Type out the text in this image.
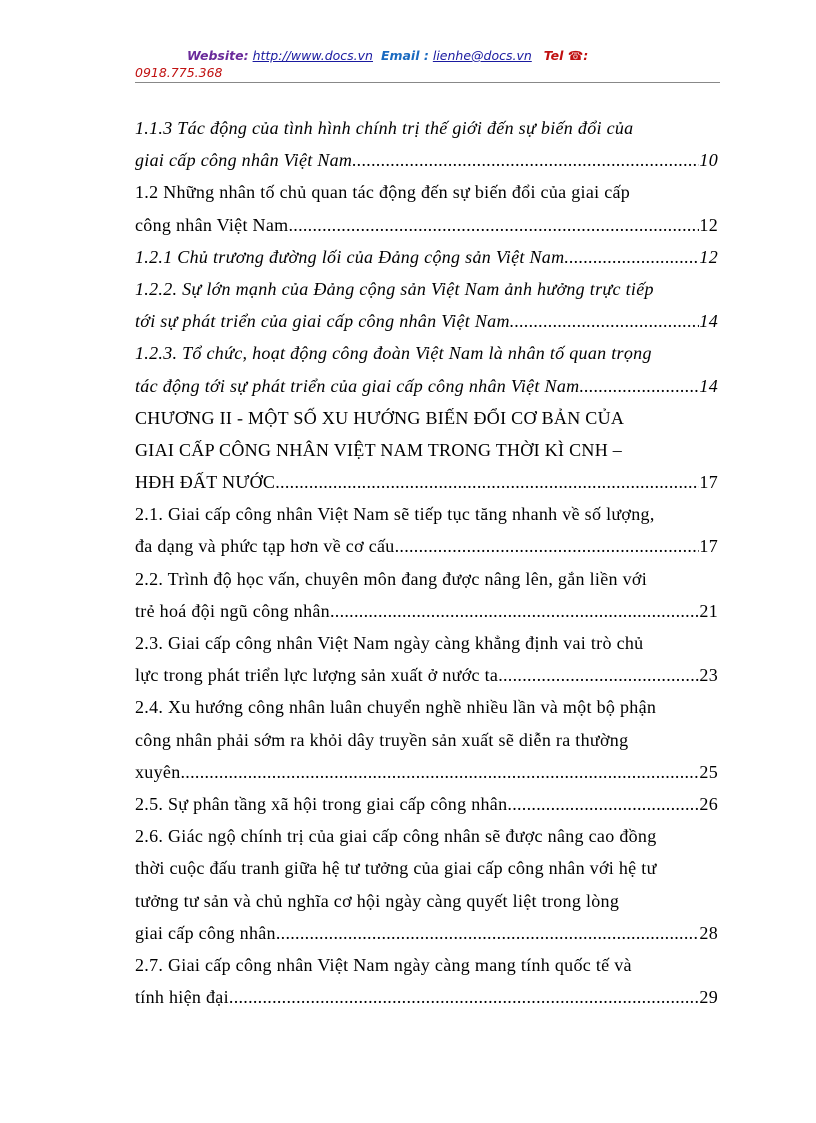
Website: http://www.docs.vn Email : lienhe@docs.vn Tel ☎:
0918.775.368
1.1.3 Tác động của tình hình chính trị thế giới đến sự biến đổi của
giai cấp công nhân Việt Nam .....	10
1.2 Những nhân tố chủ quan tác động đến sự biến đổi của giai cấp
công nhân Việt Nam. .....	12
1.2.1 Chủ trương đường lối của Đảng cộng sản Việt Nam .....	12
1.2.2. Sự lớn mạnh của Đảng cộng sản Việt Nam ảnh hưởng trực tiếp
tới sự phát triển của giai cấp công nhân Việt Nam. .....	14
1.2.3. Tổ chức, hoạt động công đoàn Việt Nam là nhân tố quan trọng
tác động tới sự phát triển của giai cấp công nhân Việt Nam. .....	14
CHƯƠNG II - MỘT SỐ XU HƯỚNG BIẾN ĐỔI CƠ BẢN CỦA
GIAI CẤP CÔNG NHÂN VIỆT NAM TRONG THỜI KÌ CNH –
HĐH ĐẤT NƯỚC .....	17
2.1. Giai cấp công nhân Việt Nam sẽ tiếp tục tăng nhanh về số lượng,
đa dạng và phức tạp hơn về cơ cấu. .....	17
2.2. Trình độ học vấn, chuyên môn đang được nâng lên, gắn liền với
trẻ hoá đội ngũ công nhân. .....	21
2.3. Giai cấp công nhân Việt Nam ngày càng khẳng định vai trò chủ
lực trong phát triển lực lượng sản xuất ở nước ta. .....	23
2.4. Xu hướng công nhân luân chuyển nghề nhiều lần và một bộ phận
công nhân phải sớm ra khỏi dây truyền sản xuất sẽ diễn ra thường
xuyên. .....	25
2.5. Sự phân tầng xã hội trong giai cấp công nhân .....	26
2.6. Giác ngộ chính trị của giai cấp công nhân sẽ được nâng cao đồng
thời cuộc đấu tranh giữa hệ tư tưởng của giai cấp công nhân với hệ tư
tưởng tư sản và chủ nghĩa cơ hội ngày càng quyết liệt trong lòng
giai cấp công nhân. .....	28
2.7. Giai cấp công nhân Việt Nam ngày càng mang tính quốc tế và
tính hiện đại. .....	29
